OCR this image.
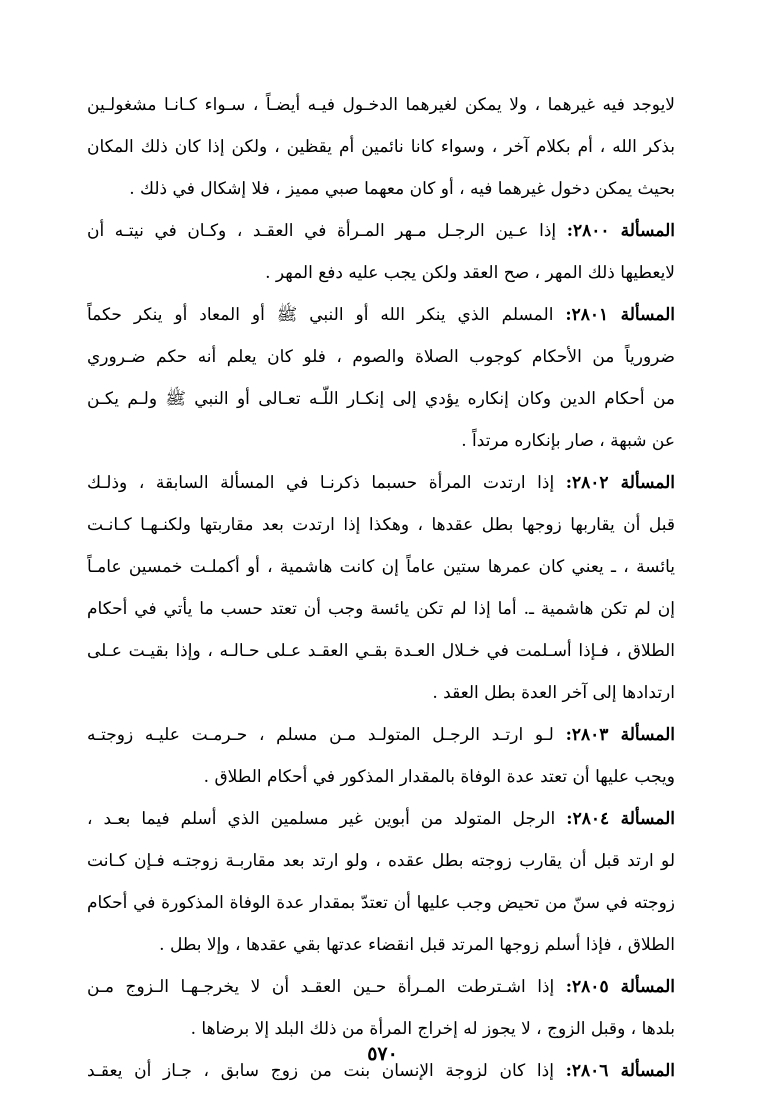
لايوجد فيه غيرهما ، ولا يمكن لغيرهما الدخـول فيـه أيضـاً ، سـواء كـانـا مشغولـين
بذكر الله ، أم بكلام آخر ، وسواء كانا نائمين أم يقظين ، ولكن إذا كان ذلك المكان
بحيث يمكن دخول غيرهما فيه ، أو كان معهما صبي مميز ، فلا إشكال في ذلك .
المسألة ٢٨٠٠: إذا عـين الرجـل مـهر المـرأة في العقـد ، وكـان في نيتـه أن
لايعطيها ذلك المهر ، صح العقد ولكن يجب عليه دفع المهر .
المسألة ٢٨٠١: المسلم الذي ينكر الله أو النبي ﷺ أو المعاد أو ينكر حكماً
ضرورياً من الأحكام كوجوب الصلاة والصوم ، فلو كان يعلم أنه حكم ضـروري
من أحكام الدين وكان إنكاره يؤدي إلى إنكـار اللّـه تعـالى أو النبي ﷺ ولـم يكـن
عن شبهة ، صار بإنكاره مرتداً .
المسألة ٢٨٠٢: إذا ارتدت المرأة حسبما ذكرنـا في المسألة السابقة ، وذلـك
قبل أن يقاربها زوجها بطل عقدها ، وهكذا إذا ارتدت بعد مقاربتها ولكنـهـا كـانـت
يائسة ، ـ يعني كان عمرها ستين عاماً إن كانت هاشمية ، أو أكملـت خمسين عامـاً
إن لم تكن هاشمية ـ. أما إذا لم تكن يائسة وجب أن تعتد حسب ما يأتي في أحكام
الطلاق ، فـإذا أسـلمت في خـلال العـدة بقـي العقـد عـلى حـالـه ، وإذا بقيـت عـلى
ارتدادها إلى آخر العدة بطل العقد .
المسألة ٢٨٠٣: لـو ارتـد الرجـل المتولـد مـن مسلم ، حـرمـت عليـه زوجتـه
ويجب عليها أن تعتد عدة الوفاة بالمقدار المذكور في أحكام الطلاق .
المسألة ٢٨٠٤: الرجل المتولد من أبوين غير مسلمين الذي أسلم فيما بعـد ،
لو ارتد قبل أن يقارب زوجته بطل عقده ، ولو ارتد بعد مقاربـة زوجتـه فـإن كـانت
زوجته في سنّ من تحيض وجب عليها أن تعتدّ بمقدار عدة الوفاة المذكورة في أحكام
الطلاق ، فإذا أسلم زوجها المرتد قبل انقضاء عدتها بقي عقدها ، وإلا بطل .
المسألة ٢٨٠٥: إذا اشـترطت المـرأة حـين العقـد أن لا يخرجـهـا الـزوج مـن
بلدها ، وقبل الزوج ، لا يجوز له إخراج المرأة من ذلك البلد إلا برضاها .
المسألة ٢٨٠٦: إذا كان لزوجة الإنسان بنت من زوج سابق ، جـاز أن يعقـد
٥٧٠
